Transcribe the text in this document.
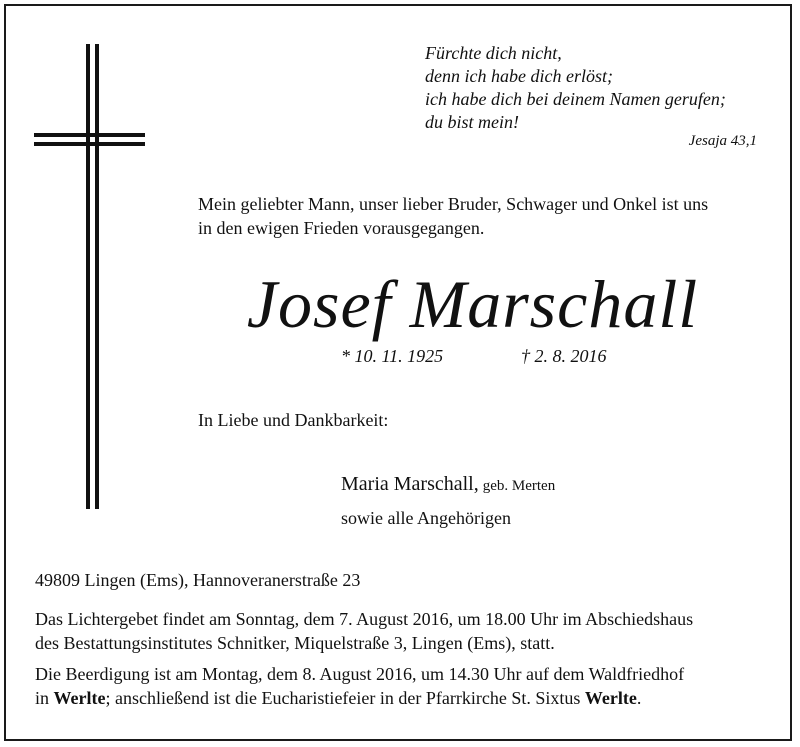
Fürchte dich nicht,
denn ich habe dich erlöst;
ich habe dich bei deinem Namen gerufen;
du bist mein!
Jesaja 43,1
Mein geliebter Mann, unser lieber Bruder, Schwager und Onkel ist uns
in den ewigen Frieden vorausgegangen.
Josef Marschall
* 10. 11. 1925	† 2. 8. 2016
In Liebe und Dankbarkeit:
Maria Marschall, geb. Merten
sowie alle Angehörigen
49809 Lingen (Ems), Hannoveranerstraße 23
Das Lichtergebet findet am Sonntag, dem 7. August 2016, um 18.00 Uhr im Abschiedshaus
des Bestattungsinstitutes Schnitker, Miquelstraße 3, Lingen (Ems), statt.
Die Beerdigung ist am Montag, dem 8. August 2016, um 14.30 Uhr auf dem Waldfriedhof
in Werlte; anschließend ist die Eucharistiefeier in der Pfarrkirche St. Sixtus Werlte.
